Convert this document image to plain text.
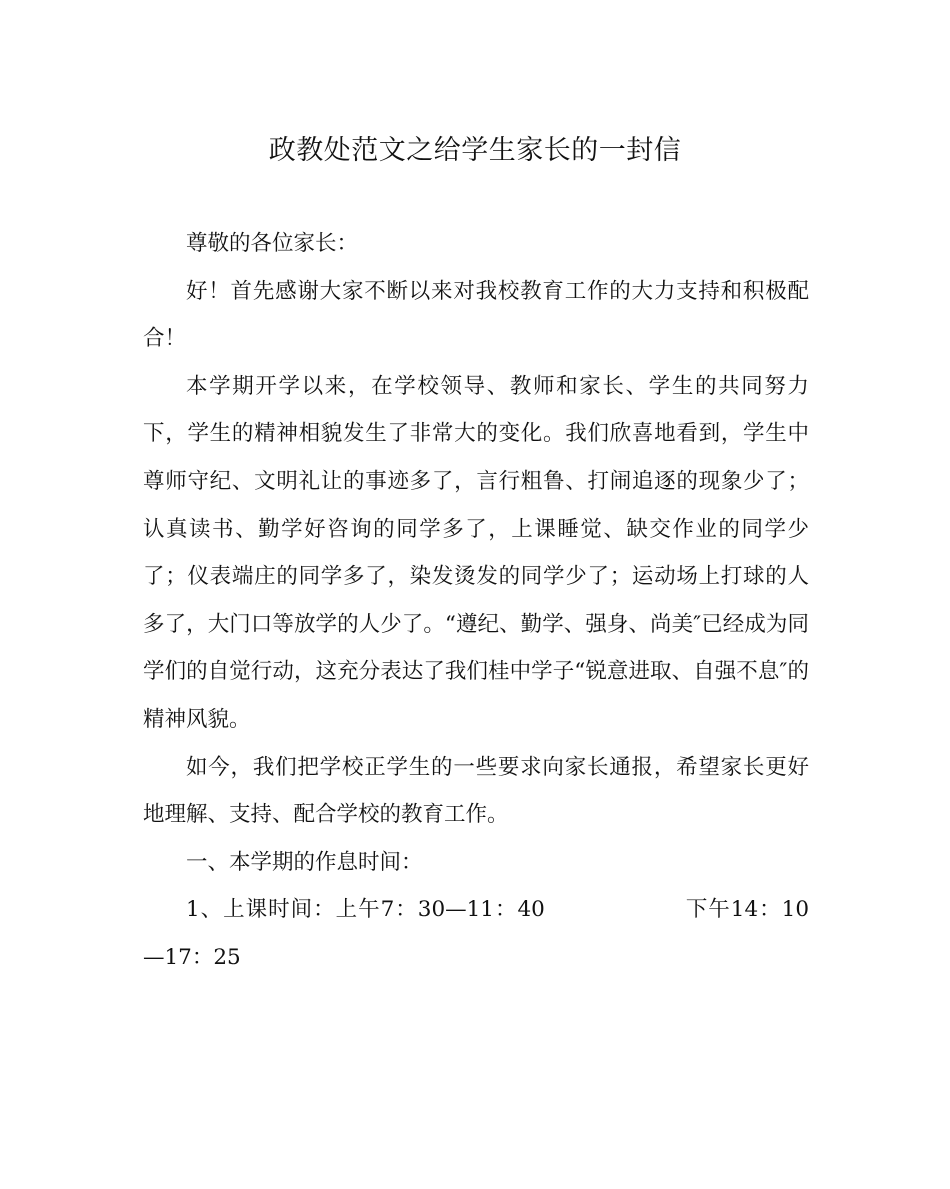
政教处范文之给学生家长的一封信

尊敬的各位家长：

好！首先感谢大家不断以来对我校教育工作的大力支持和积极配合！

本学期开学以来，在学校领导、教师和家长、学生的共同努力下，学生的精神相貌发生了非常大的变化。我们欣喜地看到，学生中尊师守纪、文明礼让的事迹多了，言行粗鲁、打闹追逐的现象少了；认真读书、勤学好咨询的同学多了，上课睡觉、缺交作业的同学少了；仪表端庄的同学多了，染发烫发的同学少了；运动场上打球的人多了，大门口等放学的人少了。“遵纪、勤学、强身、尚美″已经成为同学们的自觉行动，这充分表达了我们桂中学子“锐意进取、自强不息″的精神风貌。

如今，我们把学校正学生的一些要求向家长通报，希望家长更好地理解、支持、配合学校的教育工作。

一、本学期的作息时间：

1、上课时间：上午7：30—11：40	下午14：10—17：25
